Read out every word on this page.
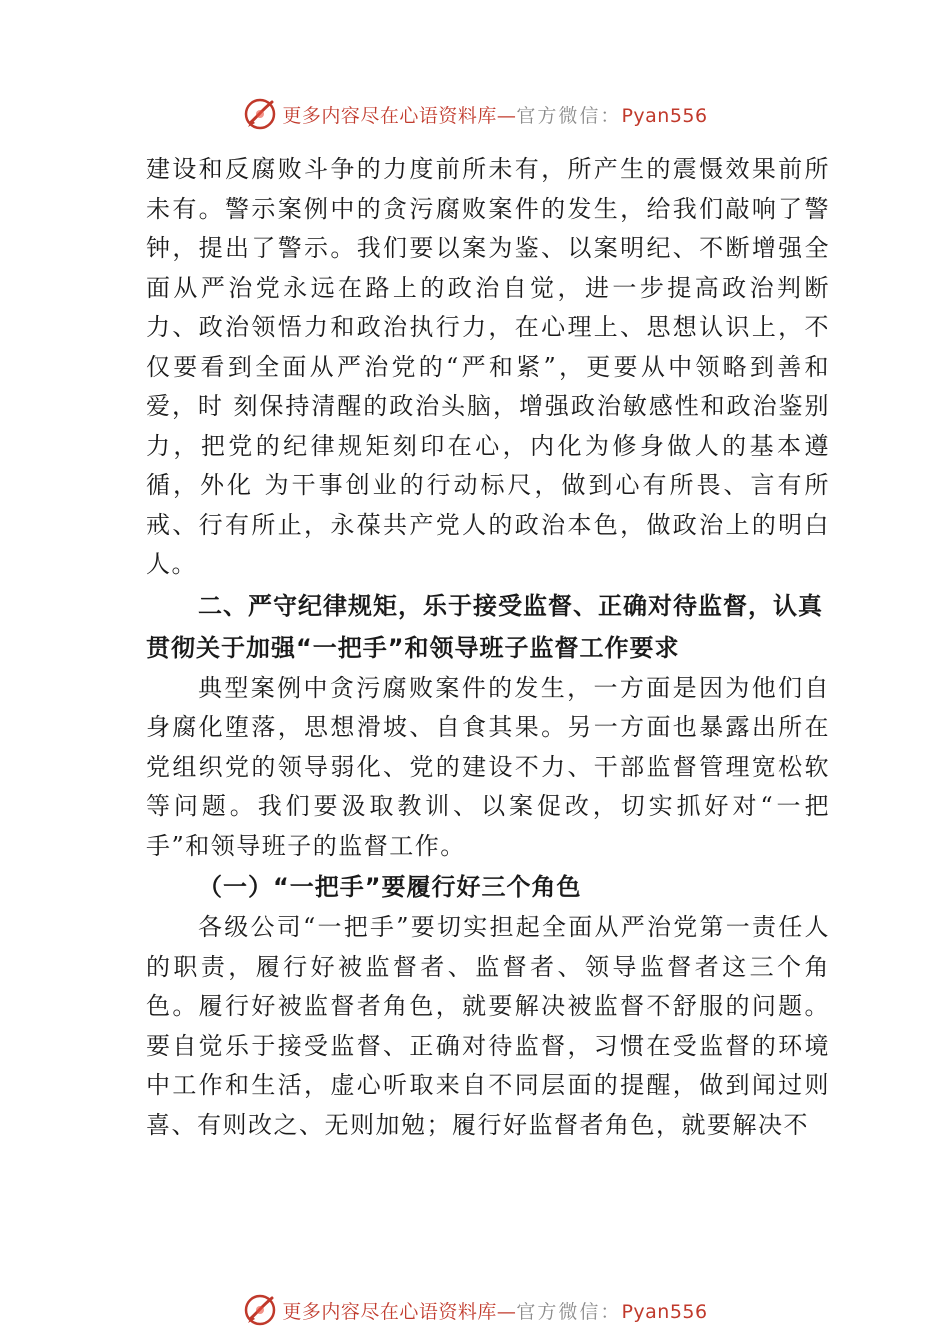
更多内容尽在心语资料库—官方微信：Pyan556

建设和反腐败斗争的力度前所未有，所产生的震慑效果前所未有。警示案例中的贪污腐败案件的发生，给我们敲响了警钟，提出了警示。我们要以案为鉴、以案明纪、不断增强全面从严治党永远在路上的政治自觉，进一步提高政治判断力、政治领悟力和政治执行力，在心理上、思想认识上，不仅要看到全面从严治党的“严和紧”，更要从中领略到善和爱，时 刻保持清醒的政治头脑，增强政治敏感性和政治鉴别力，把党的纪律规矩刻印在心，内化为修身做人的基本遵循，外化 为干事创业的行动标尺，做到心有所畏、言有所戒、行有所止，永葆共产党人的政治本色，做政治上的明白人。

二、严守纪律规矩，乐于接受监督、正确对待监督，认真贯彻关于加强“一把手”和领导班子监督工作要求

典型案例中贪污腐败案件的发生，一方面是因为他们自身腐化堕落，思想滑坡、自食其果。另一方面也暴露出所在党组织党的领导弱化、党的建设不力、干部监督管理宽松软等问题。我们要汲取教训、以案促改，切实抓好对“一把手”和领导班子的监督工作。

（一）“一把手”要履行好三个角色

各级公司“一把手”要切实担起全面从严治党第一责任人的职责，履行好被监督者、监督者、领导监督者这三个角色。履行好被监督者角色，就要解决被监督不舒服的问题。 要自觉乐于接受监督、正确对待监督，习惯在受监督的环境中工作和生活，虚心听取来自不同层面的提醒，做到闻过则喜、有则改之、无则加勉；履行好监督者角色，就要解决不

更多内容尽在心语资料库—官方微信：Pyan556
